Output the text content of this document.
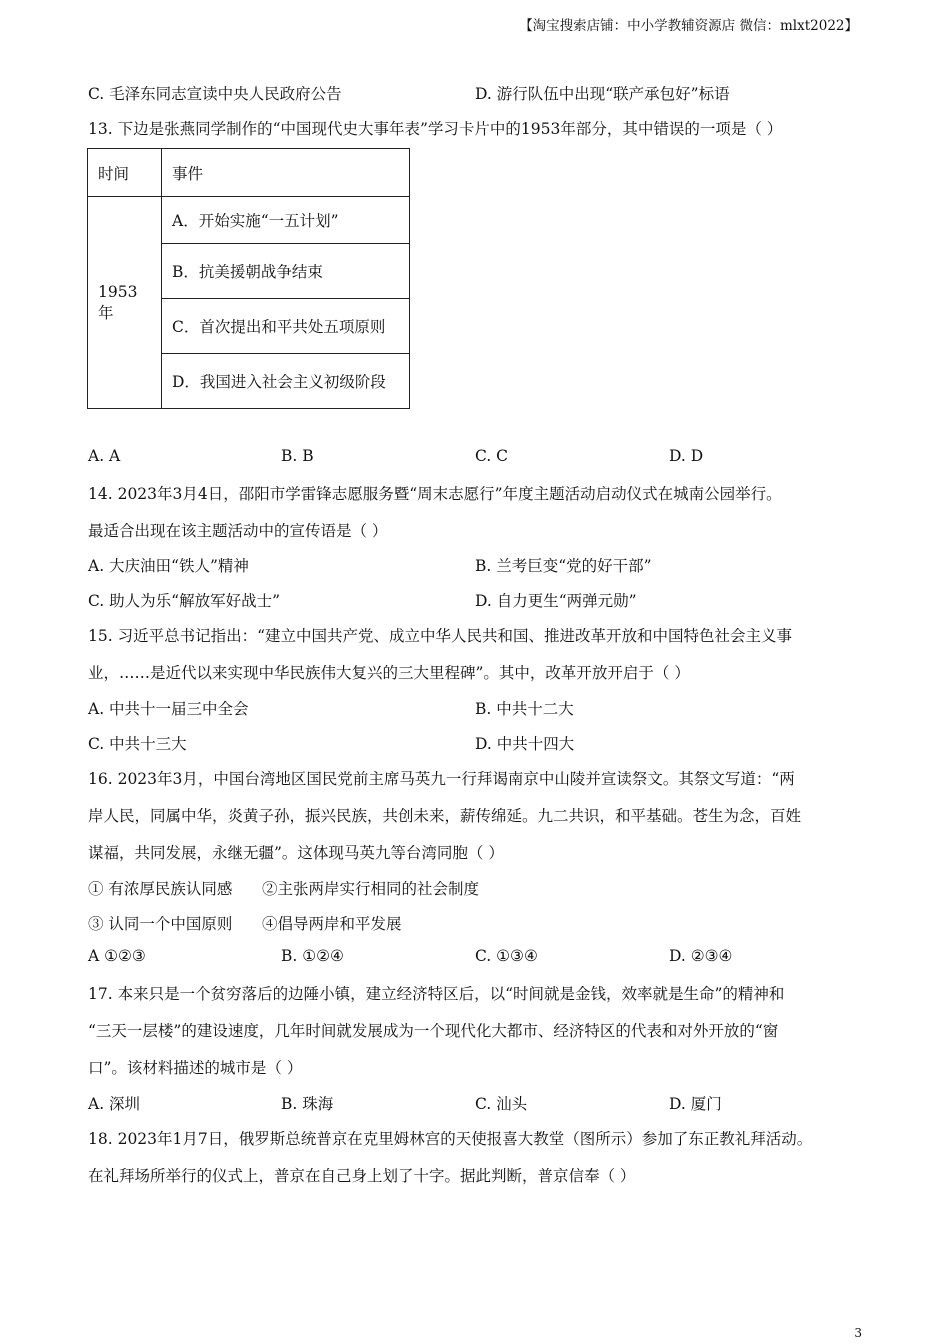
【淘宝搜索店铺：中小学教辅资源店 微信：mlxt2022】
C. 毛泽东同志宣读中央人民政府公告	D. 游行队伍中出现“联产承包好”标语
13. 下边是张燕同学制作的“中国现代史大事年表”学习卡片中的1953年部分，其中错误的一项是（ ）
时间	事件
1953 年	A．开始实施“一五计划”
	B．抗美援朝战争结束
	C．首次提出和平共处五项原则
	D．我国进入社会主义初级阶段
A. A	B. B	C. C	D. D
14. 2023年3月4日，邵阳市学雷锋志愿服务暨“周末志愿行”年度主题活动启动仪式在城南公园举行。
最适合出现在该主题活动中的宣传语是（ ）
A. 大庆油田“铁人”精神	B. 兰考巨变“党的好干部”
C. 助人为乐“解放军好战士”	D. 自力更生“两弹元勋”
15. 习近平总书记指出：“建立中国共产党、成立中华人民共和国、推进改革开放和中国特色社会主义事
业，……是近代以来实现中华民族伟大复兴的三大里程碑”。其中，改革开放开启于（ ）
A. 中共十一届三中全会	B. 中共十二大
C. 中共十三大	D. 中共十四大
16. 2023年3月，中国台湾地区国民党前主席马英九一行拜谒南京中山陵并宣读祭文。其祭文写道：“两
岸人民，同属中华，炎黄子孙，振兴民族，共创未来，薪传绵延。九二共识，和平基础。苍生为念，百姓
谋福，共同发展，永继无疆”。这体现马英九等台湾同胞（ ）
① 有浓厚民族认同感      ②主张两岸实行相同的社会制度
③ 认同一个中国原则      ④倡导两岸和平发展
A ①②③	B. ①②④	C. ①③④	D. ②③④
17. 本来只是一个贫穷落后的边陲小镇，建立经济特区后，以“时间就是金钱，效率就是生命”的精神和
“三天一层楼”的建设速度，几年时间就发展成为一个现代化大都市、经济特区的代表和对外开放的“窗
口”。该材料描述的城市是（ ）
A. 深圳	B. 珠海	C. 汕头	D. 厦门
18. 2023年1月7日，俄罗斯总统普京在克里姆林宫的天使报喜大教堂（图所示）参加了东正教礼拜活动。
在礼拜场所举行的仪式上，普京在自己身上划了十字。据此判断，普京信奉（ ）
3
